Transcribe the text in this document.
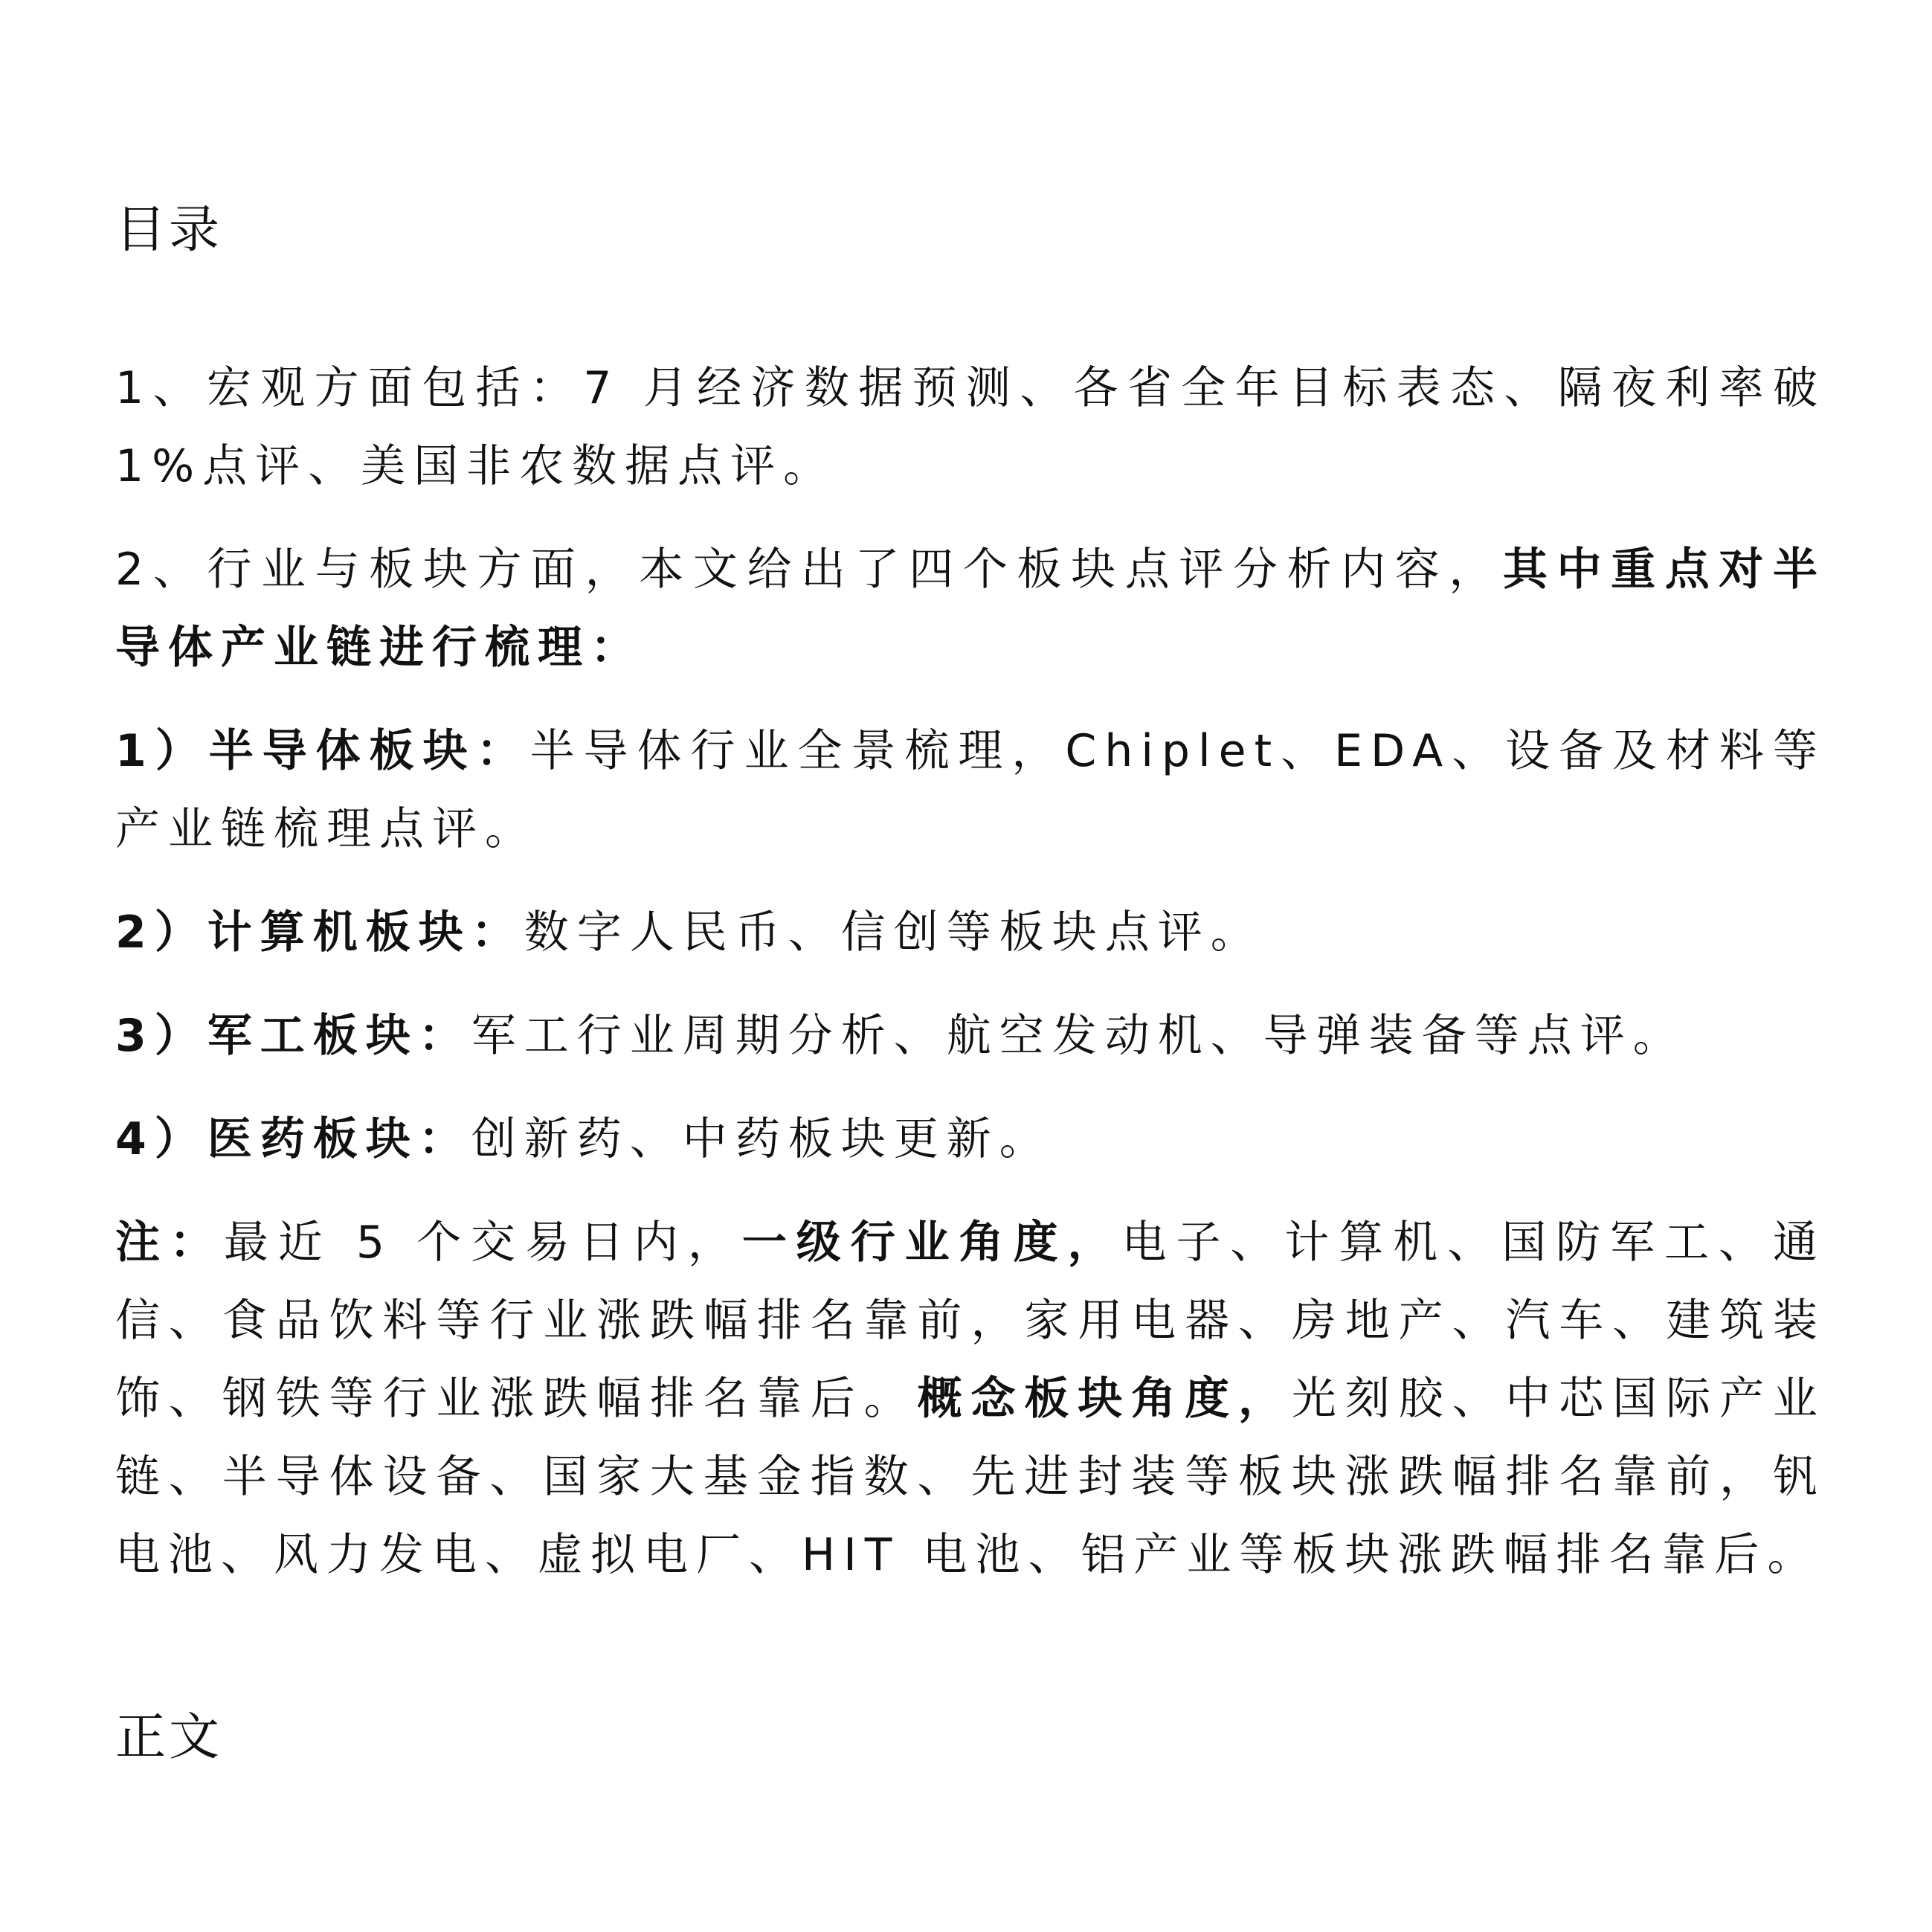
目录

1、宏观方面包括：7 月经济数据预测、各省全年目标表态、隔夜利率破 1%点评、美国非农数据点评。

2、行业与板块方面，本文给出了四个板块点评分析内容，其中重点对半导体产业链进行梳理：

1）半导体板块：半导体行业全景梳理，Chiplet、EDA、设备及材料等产业链梳理点评。

2）计算机板块：数字人民币、信创等板块点评。

3）军工板块：军工行业周期分析、航空发动机、导弹装备等点评。

4）医药板块：创新药、中药板块更新。

注：最近 5 个交易日内，一级行业角度，电子、计算机、国防军工、通信、食品饮料等行业涨跌幅排名靠前，家用电器、房地产、汽车、建筑装饰、钢铁等行业涨跌幅排名靠后。概念板块角度，光刻胶、中芯国际产业链、半导体设备、国家大基金指数、先进封装等板块涨跌幅排名靠前，钒电池、风力发电、虚拟电厂、HIT 电池、铝产业等板块涨跌幅排名靠后。

正文
